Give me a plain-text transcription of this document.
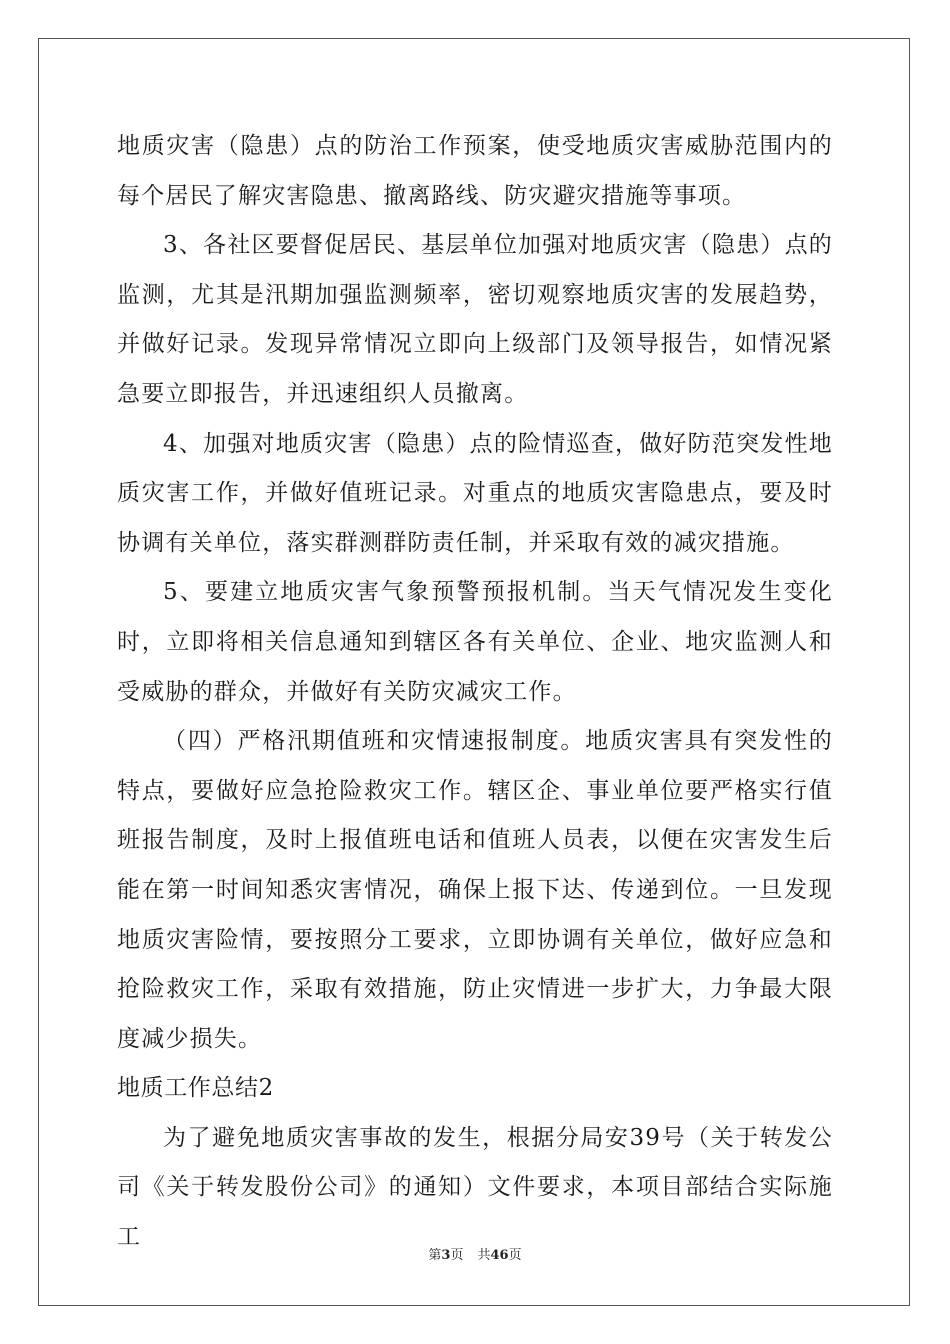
地质灾害（隐患）点的防治工作预案，使受地质灾害威胁范围内的每个居民了解灾害隐患、撤离路线、防灾避灾措施等事项。

3、各社区要督促居民、基层单位加强对地质灾害（隐患）点的监测，尤其是汛期加强监测频率，密切观察地质灾害的发展趋势，并做好记录。发现异常情况立即向上级部门及领导报告，如情况紧急要立即报告，并迅速组织人员撤离。

4、加强对地质灾害（隐患）点的险情巡查，做好防范突发性地质灾害工作，并做好值班记录。对重点的地质灾害隐患点，要及时协调有关单位，落实群测群防责任制，并采取有效的减灾措施。

5、要建立地质灾害气象预警预报机制。当天气情况发生变化时，立即将相关信息通知到辖区各有关单位、企业、地灾监测人和受威胁的群众，并做好有关防灾减灾工作。

（四）严格汛期值班和灾情速报制度。地质灾害具有突发性的特点，要做好应急抢险救灾工作。辖区企、事业单位要严格实行值班报告制度，及时上报值班电话和值班人员表，以便在灾害发生后能在第一时间知悉灾害情况，确保上报下达、传递到位。一旦发现地质灾害险情，要按照分工要求，立即协调有关单位，做好应急和抢险救灾工作，采取有效措施，防止灾情进一步扩大，力争最大限度减少损失。

地质工作总结2

为了避免地质灾害事故的发生，根据分局安39号（关于转发公司《关于转发股份公司》的通知）文件要求，本项目部结合实际施工

第3页 共46页
